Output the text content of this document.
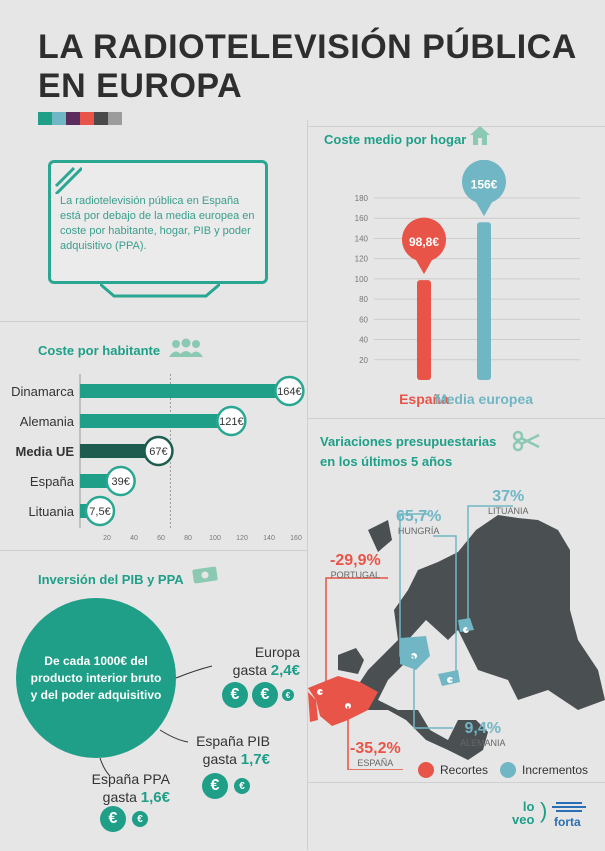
LA RADIOTELEVISIÓN PÚBLICA
EN EUROPA
La radiotelevisión pública en España está por debajo de la media europea en coste por habitante, hogar, PIB y poder adquisitivo (PPA).
Coste medio por hogar
180
160
140
120
100
80
60
40
20
98,8€
España
156€
Media europea
Coste por habitante
20	40	60	80 100 120 140 160
Dinamarca	164€
Alemania	121€
Media UE	67€
España	39€
Lituania 7,5€
Variaciones presupuestarias
en los últimos 5 años
37%
LITUANIA
65,7%
HUNGRÍA
-29,9%
PORTUGAL
9,4%
ALEMANIA
-35,2%
ESPAÑA	Recortes	Incrementos
Inversión del PIB y PPA
De cada 1000€ del producto interior bruto y del poder adquisitivo
Europa
gasta 2,4€
€	€	€
España PIB
gasta 1,7€
€	€
España PPA
gasta 1,6€
€	€
lo
veo ) forta
